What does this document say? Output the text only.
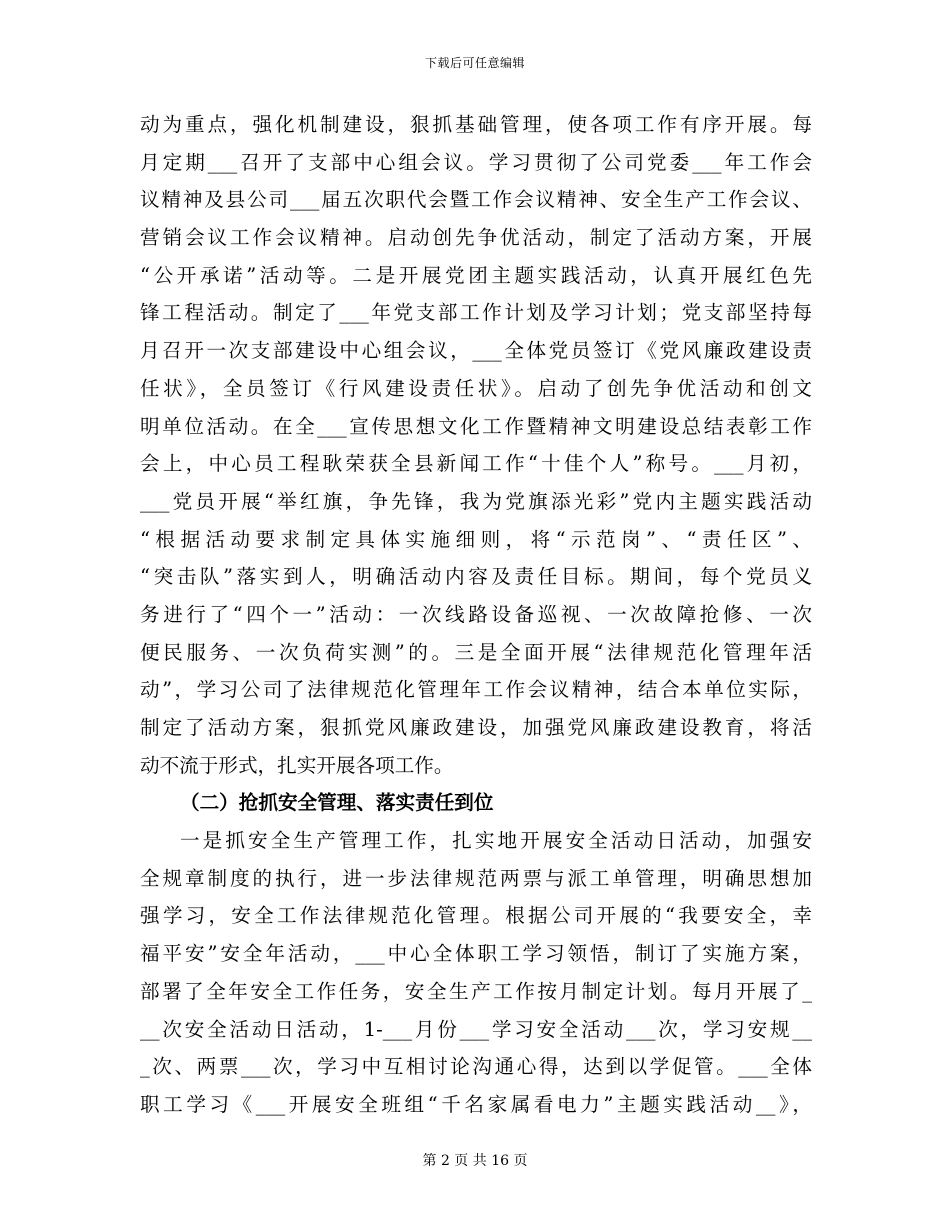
下载后可任意编辑
动为重点，强化机制建设，狠抓基础管理，使各项工作有序开展。每
月定期___召开了支部中心组会议。学习贯彻了公司党委___年工作会
议精神及县公司___届五次职代会暨工作会议精神、安全生产工作会议、
营销会议工作会议精神。启动创先争优活动，制定了活动方案，开展
“公开承诺”活动等。二是开展党团主题实践活动，认真开展红色先
锋工程活动。制定了___年党支部工作计划及学习计划；党支部坚持每
月召开一次支部建设中心组会议，___全体党员签订《党风廉政建设责
任状》，全员签订《行风建设责任状》。启动了创先争优活动和创文
明单位活动。在全___宣传思想文化工作暨精神文明建设总结表彰工作
会上，中心员工程耿荣获全县新闻工作“十佳个人”称号。___月初，
___党员开展“举红旗，争先锋，我为党旗添光彩”党内主题实践活动
“根据活动要求制定具体实施细则，将“示范岗”、“责任区”、
“突击队”落实到人，明确活动内容及责任目标。期间，每个党员义
务进行了“四个一”活动：一次线路设备巡视、一次故障抢修、一次
便民服务、一次负荷实测”的。三是全面开展“法律规范化管理年活
动”，学习公司了法律规范化管理年工作会议精神，结合本单位实际，
制定了活动方案，狠抓党风廉政建设，加强党风廉政建设教育，将活
动不流于形式，扎实开展各项工作。
（二）抢抓安全管理、落实责任到位
一是抓安全生产管理工作，扎实地开展安全活动日活动，加强安
全规章制度的执行，进一步法律规范两票与派工单管理，明确思想加
强学习，安全工作法律规范化管理。根据公司开展的“我要安全，幸
福平安”安全年活动，___中心全体职工学习领悟，制订了实施方案，
部署了全年安全工作任务，安全生产工作按月制定计划。每月开展了_
__次安全活动日活动，1-___月份___学习安全活动___次，学习安规__
_次、两票___次，学习中互相讨论沟通心得，达到以学促管。___全体
职工学习《___开展安全班组“千名家属看电力”主题实践活动__》，
第 2 页 共 16 页
